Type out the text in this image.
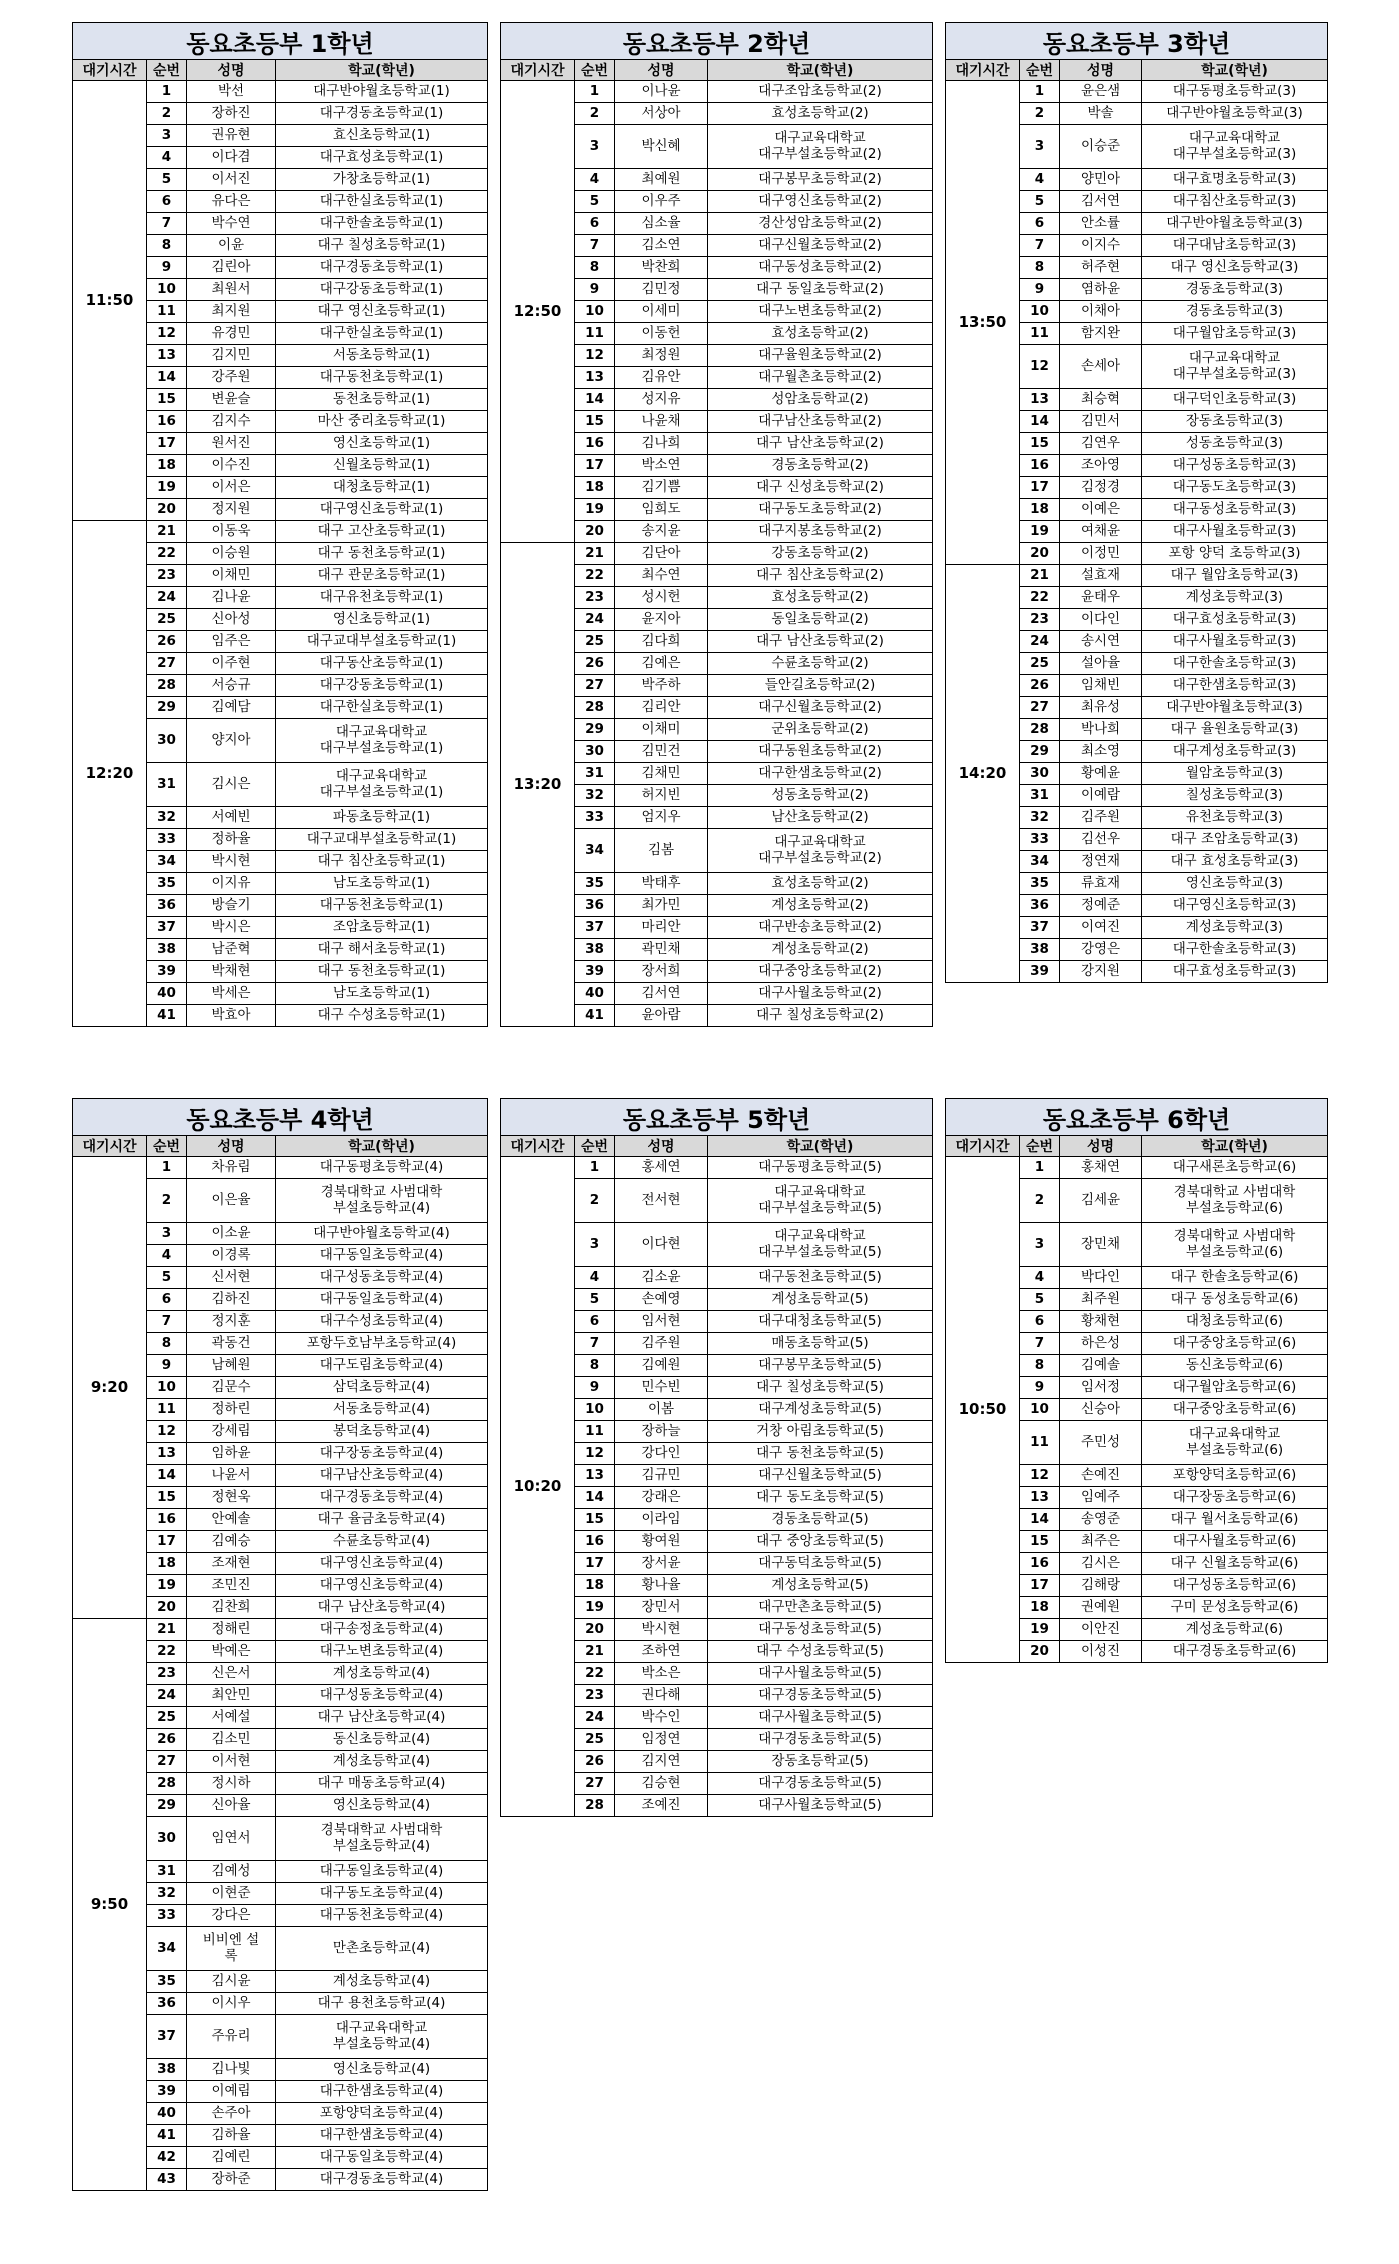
동요초등부 1학년			
대기시간	순번	성명	학교(학년)
11:50	1	박선	대구반야월초등학교(1)
	2	장하진	대구경동초등학교(1)
	3	권유현	효신초등학교(1)
	4	이다겸	대구효성초등학교(1)
	5	이서진	가창초등학교(1)
	6	유다은	대구한실초등학교(1)
	7	박수연	대구한솔초등학교(1)
	8	이윤	대구 칠성초등학교(1)
	9	김린아	대구경동초등학교(1)
	10	최원서	대구강동초등학교(1)
	11	최지원	대구 영신초등학교(1)
	12	유경민	대구한실초등학교(1)
	13	김지민	서동초등학교(1)
	14	강주원	대구동천초등학교(1)
	15	변윤슬	동천초등학교(1)
	16	김지수	마산 중리초등학교(1)
	17	원서진	영신초등학교(1)
	18	이수진	신월초등학교(1)
	19	이서은	대청초등학교(1)
	20	정지원	대구영신초등학교(1)
12:20	21	이동욱	대구 고산초등학교(1)
	22	이승원	대구 동천초등학교(1)
	23	이채민	대구 관문초등학교(1)
	24	김나윤	대구유천초등학교(1)
	25	신아성	영신초등학교(1)
	26	임주은	대구교대부설초등학교(1)
	27	이주현	대구동산초등학교(1)
	28	서승규	대구강동초등학교(1)
	29	김예담	대구한실초등학교(1)
	30	양지아	대구교육대학교
대구부설초등학교(1)
	31	김시은	대구교육대학교
대구부설초등학교(1)
	32	서예빈	파동초등학교(1)
	33	정하율	대구교대부설초등학교(1)
	34	박시현	대구 침산초등학교(1)
	35	이지유	남도초등학교(1)
	36	방슬기	대구동천초등학교(1)
	37	박시은	조암초등학교(1)
	38	남준혁	대구 해서초등학교(1)
	39	박채현	대구 동천초등학교(1)
	40	박세은	남도초등학교(1)
	41	박효아	대구 수성초등학교(1)
동요초등부 2학년			
대기시간	순번	성명	학교(학년)
12:50	1	이나윤	대구조암초등학교(2)
	2	서상아	효성초등학교(2)
	3	박신혜	대구교육대학교
대구부설초등학교(2)
	4	최예원	대구봉무초등학교(2)
	5	이우주	대구영신초등학교(2)
	6	심소율	경산성암초등학교(2)
	7	김소연	대구신월초등학교(2)
	8	박찬희	대구동성초등학교(2)
	9	김민정	대구 동일초등학교(2)
	10	이세미	대구노변초등학교(2)
	11	이동헌	효성초등학교(2)
	12	최정원	대구율원초등학교(2)
	13	김유안	대구월촌초등학교(2)
	14	성지유	성암초등학교(2)
	15	나윤채	대구남산초등학교(2)
	16	김나희	대구 남산초등학교(2)
	17	박소연	경동초등학교(2)
	18	김기쁨	대구 신성초등학교(2)
	19	임희도	대구동도초등학교(2)
	20	송지윤	대구지봉초등학교(2)
13:20	21	김단아	강동초등학교(2)
	22	최수연	대구 침산초등학교(2)
	23	성시헌	효성초등학교(2)
	24	윤지아	동일초등학교(2)
	25	김다희	대구 남산초등학교(2)
	26	김예은	수륜초등학교(2)
	27	박주하	들안길초등학교(2)
	28	김리안	대구신월초등학교(2)
	29	이채미	군위초등학교(2)
	30	김민건	대구동원초등학교(2)
	31	김채민	대구한샘초등학교(2)
	32	허지빈	성동초등학교(2)
	33	엄지우	남산초등학교(2)
	34	김봄	대구교육대학교
대구부설초등학교(2)
	35	박태후	효성초등학교(2)
	36	최가민	계성초등학교(2)
	37	마리안	대구반송초등학교(2)
	38	곽민채	계성초등학교(2)
	39	장서희	대구중앙초등학교(2)
	40	김서연	대구사월초등학교(2)
	41	윤아람	대구 칠성초등학교(2)
동요초등부 3학년			
대기시간	순번	성명	학교(학년)
13:50	1	윤은샘	대구동평초등학교(3)
	2	박솔	대구반야월초등학교(3)
	3	이승준	대구교육대학교
대구부설초등학교(3)
	4	양민아	대구효명초등학교(3)
	5	김서연	대구침산초등학교(3)
	6	안소률	대구반야월초등학교(3)
	7	이지수	대구대남초등학교(3)
	8	허주현	대구 영신초등학교(3)
	9	염하윤	경동초등학교(3)
	10	이채아	경동초등학교(3)
	11	함지완	대구월암초등학교(3)
	12	손세아	대구교육대학교
대구부설초등학교(3)
	13	최승혁	대구덕인초등학교(3)
	14	김민서	장동초등학교(3)
	15	김연우	성동초등학교(3)
	16	조아영	대구성동초등학교(3)
	17	김정경	대구동도초등학교(3)
	18	이예은	대구동성초등학교(3)
	19	여채윤	대구사월초등학교(3)
	20	이정민	포항 양덕 초등학교(3)
14:20	21	설효재	대구 월암초등학교(3)
	22	윤태우	계성초등학교(3)
	23	이다인	대구효성초등학교(3)
	24	송시연	대구사월초등학교(3)
	25	설아율	대구한솔초등학교(3)
	26	임채빈	대구한샘초등학교(3)
	27	최유성	대구반야월초등학교(3)
	28	박나희	대구 율원초등학교(3)
	29	최소영	대구계성초등학교(3)
	30	황예윤	월암초등학교(3)
	31	이예람	칠성초등학교(3)
	32	김주원	유천초등학교(3)
	33	김선우	대구 조암초등학교(3)
	34	정연재	대구 효성초등학교(3)
	35	류효재	영신초등학교(3)
	36	정예준	대구영신초등학교(3)
	37	이여진	계성초등학교(3)
	38	강영은	대구한솔초등학교(3)
	39	강지원	대구효성초등학교(3)
동요초등부 4학년			
대기시간	순번	성명	학교(학년)
9:20	1	차유림	대구동평초등학교(4)
	2	이은율	경북대학교 사범대학
부설초등학교(4)
	3	이소윤	대구반야월초등학교(4)
	4	이경록	대구동일초등학교(4)
	5	신서현	대구성동초등학교(4)
	6	김하진	대구동일초등학교(4)
	7	정지훈	대구수성초등학교(4)
	8	곽동건	포항두호남부초등학교(4)
	9	남혜원	대구도림초등학교(4)
	10	김문수	삼덕초등학교(4)
	11	정하린	서동초등학교(4)
	12	강세림	봉덕초등학교(4)
	13	임하윤	대구장동초등학교(4)
	14	나윤서	대구남산초등학교(4)
	15	정현욱	대구경동초등학교(4)
	16	안예솔	대구 율금초등학교(4)
	17	김예승	수륜초등학교(4)
	18	조재현	대구영신초등학교(4)
	19	조민진	대구영신초등학교(4)
	20	김찬희	대구 남산초등학교(4)
9:50	21	정해린	대구송정초등학교(4)
	22	박예은	대구노변초등학교(4)
	23	신은서	계성초등학교(4)
	24	최안민	대구성동초등학교(4)
	25	서예설	대구 남산초등학교(4)
	26	김소민	동신초등학교(4)
	27	이서현	계성초등학교(4)
	28	정시하	대구 매동초등학교(4)
	29	신아율	영신초등학교(4)
	30	임연서	경북대학교 사범대학
부설초등학교(4)
	31	김예성	대구동일초등학교(4)
	32	이현준	대구동도초등학교(4)
	33	강다은	대구동천초등학교(4)
	34	비비엔 설
록	만촌초등학교(4)
	35	김시윤	계성초등학교(4)
	36	이시우	대구 용천초등학교(4)
	37	주유리	대구교육대학교
부설초등학교(4)
	38	김나빛	영신초등학교(4)
	39	이예림	대구한샘초등학교(4)
	40	손주아	포항양덕초등학교(4)
	41	김하율	대구한샘초등학교(4)
	42	김예린	대구동일초등학교(4)
	43	장하준	대구경동초등학교(4)
동요초등부 5학년			
대기시간	순번	성명	학교(학년)
10:20	1	홍세연	대구동평초등학교(5)
	2	전서현	대구교육대학교
대구부설초등학교(5)
	3	이다현	대구교육대학교
대구부설초등학교(5)
	4	김소윤	대구동천초등학교(5)
	5	손예영	계성초등학교(5)
	6	임서현	대구대청초등학교(5)
	7	김주원	매동초등학교(5)
	8	김예원	대구봉무초등학교(5)
	9	민수빈	대구 칠성초등학교(5)
	10	이봄	대구계성초등학교(5)
	11	장하늘	거창 아림초등학교(5)
	12	강다인	대구 동천초등학교(5)
	13	김규민	대구신월초등학교(5)
	14	강래은	대구 동도초등학교(5)
	15	이라임	경동초등학교(5)
	16	황여원	대구 중앙초등학교(5)
	17	장서윤	대구동덕초등학교(5)
	18	황나율	계성초등학교(5)
	19	장민서	대구만촌초등학교(5)
	20	박시현	대구동성초등학교(5)
	21	조하연	대구 수성초등학교(5)
	22	박소은	대구사월초등학교(5)
	23	권다해	대구경동초등학교(5)
	24	박수인	대구사월초등학교(5)
	25	임정연	대구경동초등학교(5)
	26	김지연	장동초등학교(5)
	27	김승현	대구경동초등학교(5)
	28	조예진	대구사월초등학교(5)
동요초등부 6학년			
대기시간	순번	성명	학교(학년)
10:50	1	홍채연	대구새론초등학교(6)
	2	김세윤	경북대학교 사범대학
부설초등학교(6)
	3	장민채	경북대학교 사범대학
부설초등학교(6)
	4	박다인	대구 한솔초등학교(6)
	5	최주원	대구 동성초등학교(6)
	6	황채현	대청초등학교(6)
	7	하은성	대구중앙초등학교(6)
	8	김예솔	동신초등학교(6)
	9	임서정	대구월암초등학교(6)
	10	신승아	대구중앙초등학교(6)
	11	주민성	대구교육대학교
부설초등학교(6)
	12	손예진	포항양덕초등학교(6)
	13	임예주	대구장동초등학교(6)
	14	송영준	대구 월서초등학교(6)
	15	최주은	대구사월초등학교(6)
	16	김시은	대구 신월초등학교(6)
	17	김해랑	대구성동초등학교(6)
	18	권예원	구미 문성초등학교(6)
	19	이안진	계성초등학교(6)
	20	이성진	대구경동초등학교(6)
